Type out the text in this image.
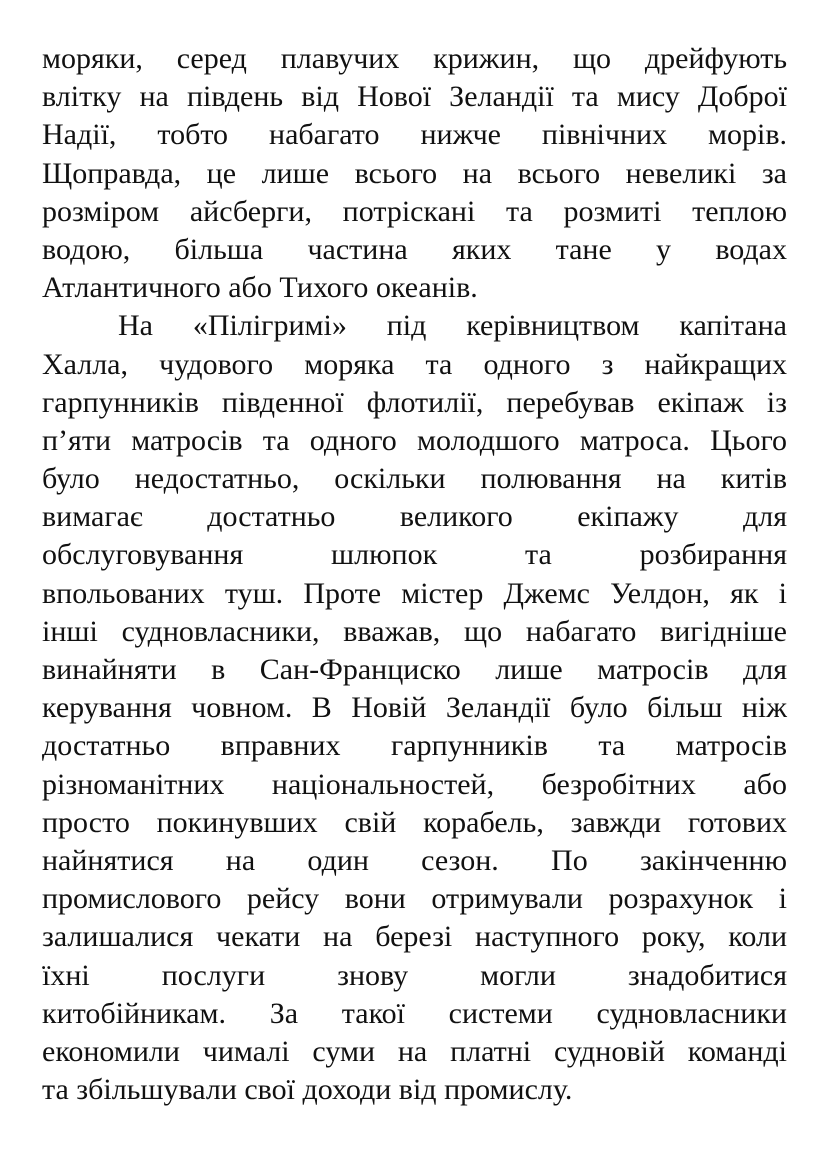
моряки, серед плавучих крижин, що дрейфують
влітку на південь від Нової Зеландії та мису Доброї
Надії, тобто набагато нижче північних морів.
Щоправда, це лише всього на всього невеликі за
розміром айсберги, потріскані та розмиті теплою
водою, більша частина яких тане у водах
Атлантичного або Тихого океанів.
На «Пілігримі» під керівництвом капітана
Халла, чудового моряка та одного з найкращих
гарпунників південної флотилії, перебував екіпаж із
п’яти матросів та одного молодшого матроса. Цього
було недостатньо, оскільки полювання на китів
вимагає достатньо великого екіпажу для
обслуговування шлюпок та розбирання
впольованих туш. Проте містер Джемс Уелдон, як і
інші судновласники, вважав, що набагато вигідніше
винайняти в Сан-Франциско лише матросів для
керування човном. В Новій Зеландії було більш ніж
достатньо вправних гарпунників та матросів
різноманітних національностей, безробітних або
просто покинувших свій корабель, завжди готових
найнятися на один сезон. По закінченню
промислового рейсу вони отримували розрахунок і
залишалися чекати на березі наступного року, коли
їхні послуги знову могли знадобитися
китобійникам. За такої системи судновласники
економили чималі суми на платні судновій команді
та збільшували свої доходи від промислу.
